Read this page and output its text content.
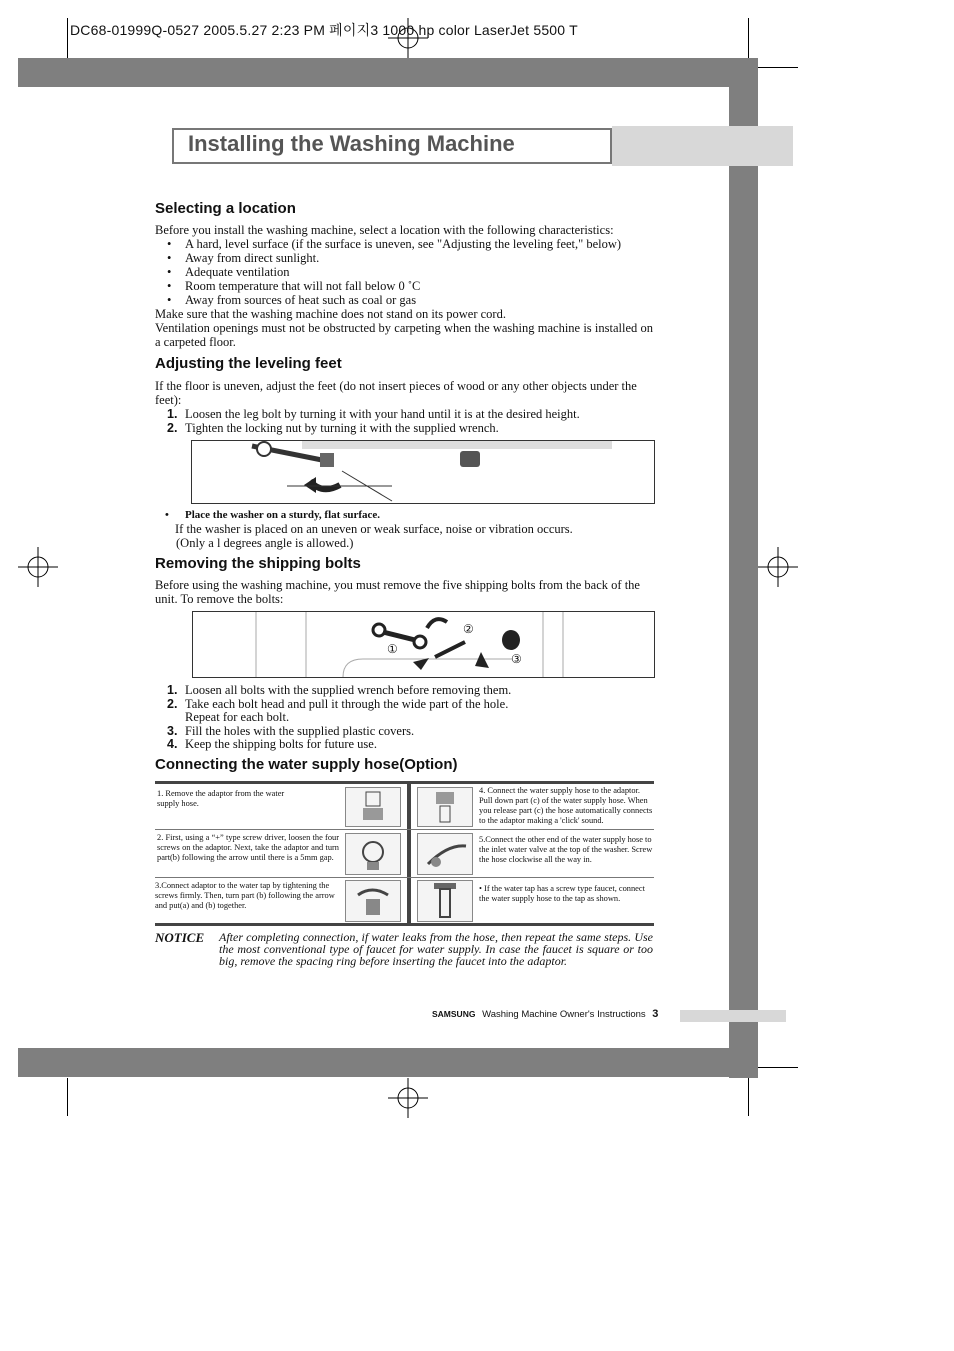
DC68-01999Q-0527 2005.5.27 2:23 PM 페이지3 1000 hp color LaserJet 5500 T
Installing the Washing Machine
Selecting a location
Before you install the washing machine, select a location with the following characteristics:
• A hard, level surface (if the surface is uneven, see "Adjusting the leveling feet," below)
• Away from direct sunlight.
• Adequate ventilation
• Room temperature that will not fall below 0 ˚C
• Away from sources of heat such as coal or gas
Make sure that the washing machine does not stand on its power cord.
Ventilation openings must not be obstructed by carpeting when the washing machine is installed on a carpeted floor.
Adjusting the leveling feet
If the floor is uneven, adjust the feet (do not insert pieces of wood or any other objects under the feet):
1. Loosen the leg bolt by turning it with your hand until it is at the desired height.
2. Tighten the locking nut by turning it with the supplied wrench.
• Place the washer on a sturdy, flat surface.
If the washer is placed on an uneven or weak surface, noise or vibration occurs.
(Only a l degrees angle is allowed.)
Removing the shipping bolts
Before using the washing machine, you must remove the five shipping bolts from the back of the unit. To remove the bolts:
①
②
③
1. Loosen all bolts with the supplied wrench before removing them.
2. Take each bolt head and pull it through the wide part of the hole.
Repeat for each bolt.
3. Fill the holes with the supplied plastic covers.
4. Keep the shipping bolts for future use.
Connecting the water supply hose(Option)
1. Remove the adaptor from the water supply hose.
2. First, using a “+” type screw driver, loosen the four screws on the adaptor. Next, take the adaptor and turn part(b) following the arrow until there is a 5mm gap.
3.Connect adaptor to the water tap by tightening the screws firmly. Then, turn part (b) following the arrow and put(a) and (b) together.
4. Connect the water supply hose to the adaptor. Pull down part (c) of the water supply hose. When you release part (c) the hose automatically connects to the adaptor making a 'click' sound.
5.Connect the other end of the water supply hose to the inlet water valve at the top of the washer. Screw the hose clockwise all the way in.
• If the water tap has a screw type faucet, connect the water supply hose to the tap as shown.
NOTICE After completing connection, if water leaks from the hose, then repeat the same steps. Use the most conventional type of faucet for water supply. In case the faucet is square or too big, remove the spacing ring before inserting the faucet into the adaptor.
SAMSUNG Washing Machine Owner's Instructions 3
